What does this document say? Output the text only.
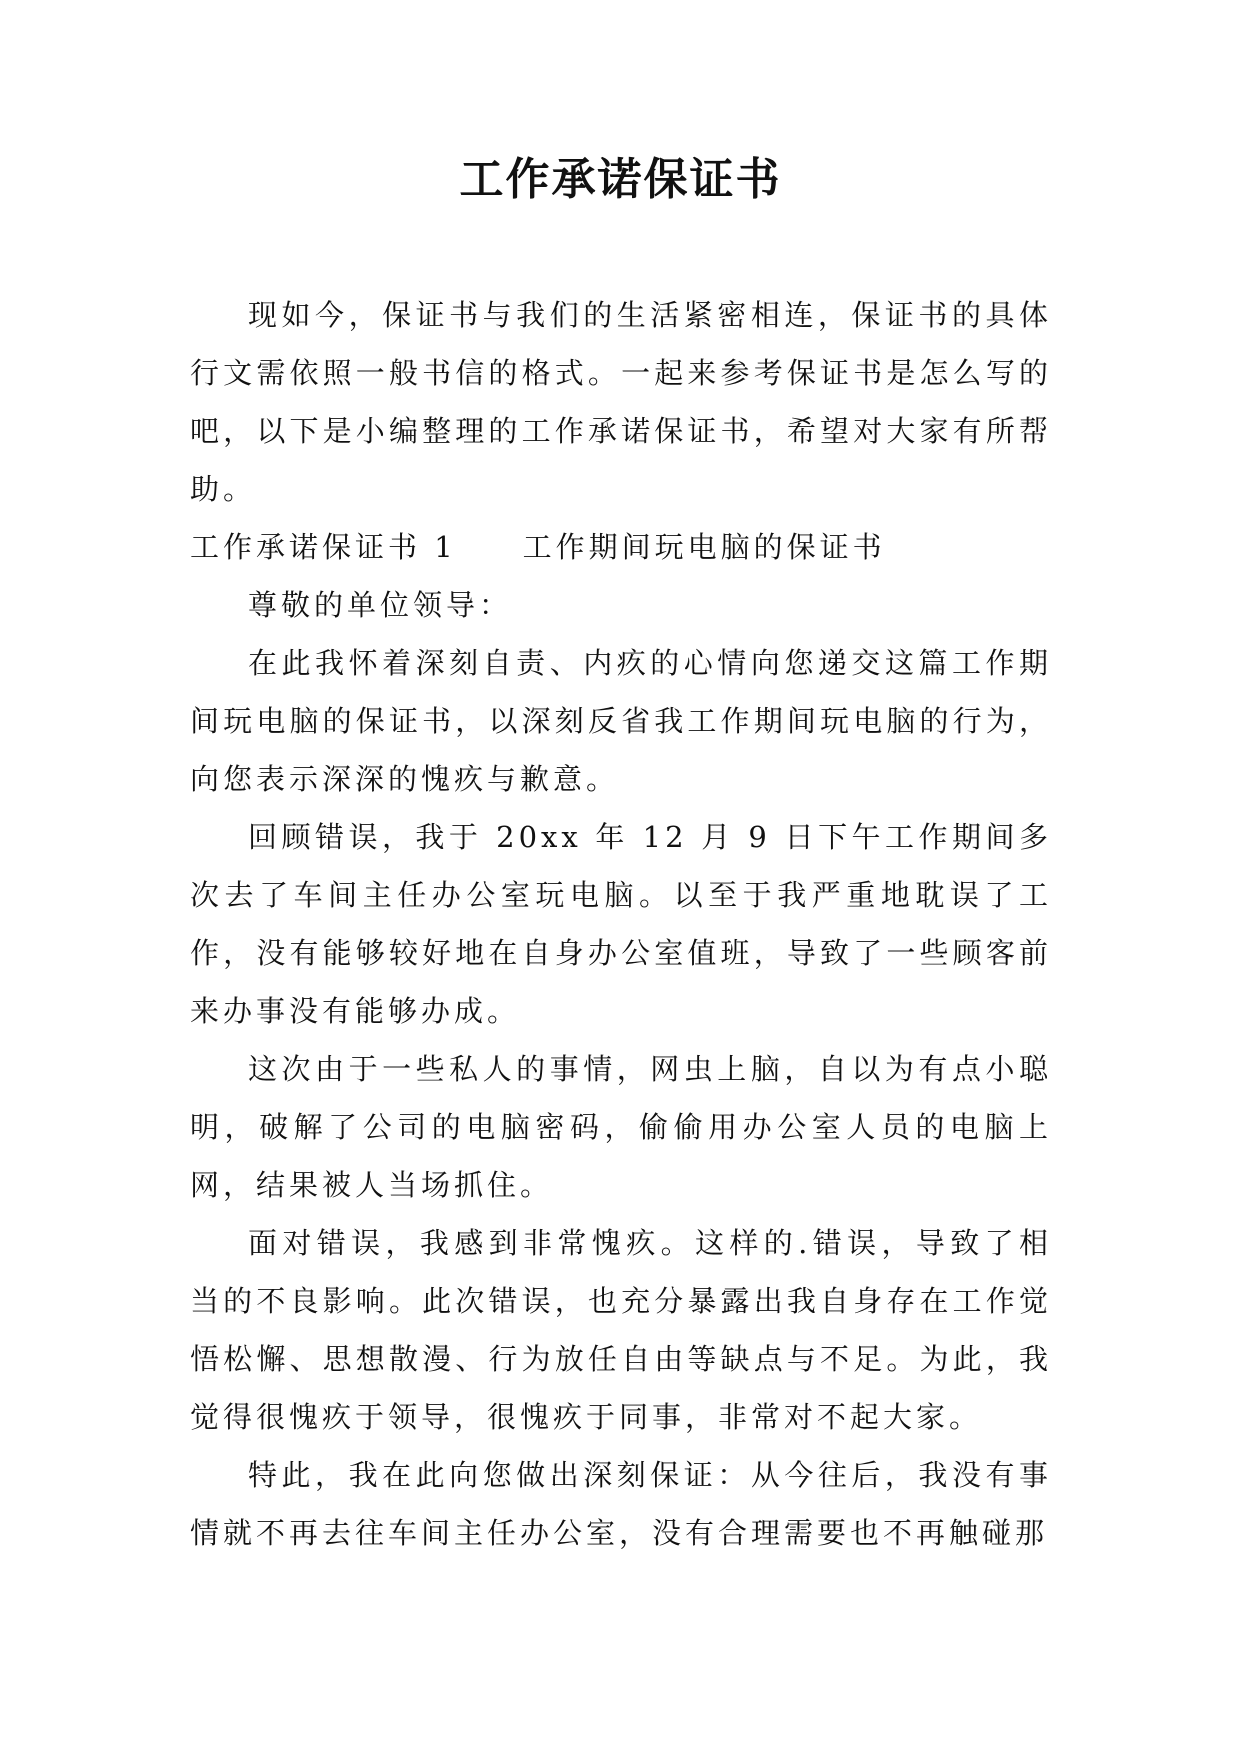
工作承诺保证书

现如今，保证书与我们的生活紧密相连，保证书的具体行文需依照一般书信的格式。一起来参考保证书是怎么写的吧，以下是小编整理的工作承诺保证书，希望对大家有所帮助。

工作承诺保证书 1 工作期间玩电脑的保证书

尊敬的单位领导：

在此我怀着深刻自责、内疚的心情向您递交这篇工作期间玩电脑的保证书，以深刻反省我工作期间玩电脑的行为，向您表示深深的愧疚与歉意。

回顾错误，我于 20xx 年 12 月 9 日下午工作期间多次去了车间主任办公室玩电脑。以至于我严重地耽误了工作，没有能够较好地在自身办公室值班，导致了一些顾客前来办事没有能够办成。

这次由于一些私人的事情，网虫上脑，自以为有点小聪明，破解了公司的电脑密码，偷偷用办公室人员的电脑上网，结果被人当场抓住。

面对错误，我感到非常愧疚。这样的.错误，导致了相当的不良影响。此次错误，也充分暴露出我自身存在工作觉悟松懈、思想散漫、行为放任自由等缺点与不足。为此，我觉得很愧疚于领导，很愧疚于同事，非常对不起大家。

特此，我在此向您做出深刻保证：从今往后，我没有事情就不再去往车间主任办公室，没有合理需要也不再触碰那
